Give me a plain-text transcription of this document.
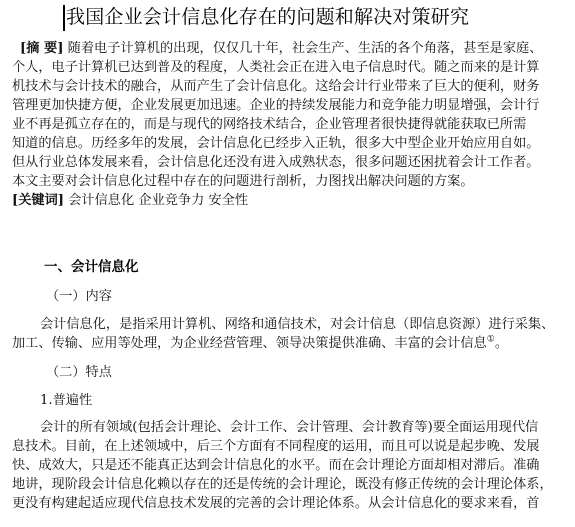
我国企业会计信息化存在的问题和解决对策研究
[摘 要] 随着电子计算机的出现，仅仅几十年，社会生产、生活的各个角落，甚至是家庭、
个人，电子计算机已达到普及的程度，人类社会正在进入电子信息时代。随之而来的是计算
机技术与会计技术的融合，从而产生了会计信息化。这给会计行业带来了巨大的便利，财务
管理更加快捷方便，企业发展更加迅速。企业的持续发展能力和竞争能力明显增强，会计行
业不再是孤立存在的，而是与现代的网络技术结合，企业管理者很快捷得就能获取已所需
知道的信息。历经多年的发展，会计信息化已经步入正轨，很多大中型企业开始应用自如。
但从行业总体发展来看，会计信息化还没有进入成熟状态，很多问题还困扰着会计工作者。
本文主要对会计信息化过程中存在的问题进行剖析，力图找出解决问题的方案。
[关键词] 会计信息化 企业竞争力 安全性
一、会计信息化
（一）内容
会计信息化，是指采用计算机、网络和通信技术，对会计信息（即信息资源）进行采集、
加工、传输、应用等处理，为企业经营管理、领导决策提供准确、丰富的会计信息①。
（二）特点
1.普遍性
会计的所有领域(包括会计理论、会计工作、会计管理、会计教育等)要全面运用现代信
息技术。目前，在上述领域中，后三个方面有不同程度的运用，而且可以说是起步晚、发展
快、成效大，只是还不能真正达到会计信息化的水平。而在会计理论方面却相对滞后。准确
地讲，现阶段会计信息化赖以存在的还是传统的会计理论，既没有修正传统的会计理论体系，
更没有构建起适应现代信息技术发展的完善的会计理论体系。从会计信息化的要求来看，首
